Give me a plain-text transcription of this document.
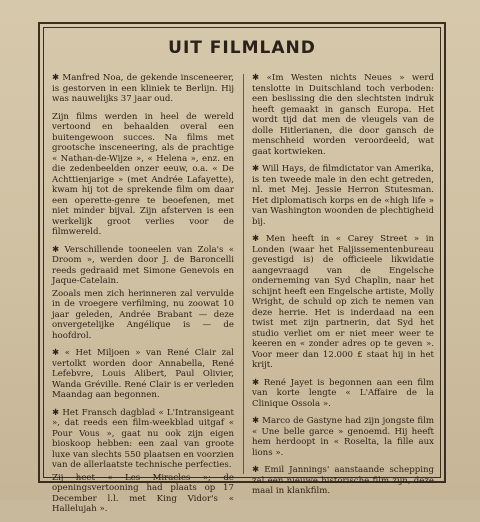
UIT FILMLAND

✱ Manfred Noa, de gekende insceneerer, is gestorven in een kliniek te Berlijn. Hij was nauwelijks 37 jaar oud.

Zijn films werden in heel de wereld vertoond en behaalden overal een buitengewoon succes. Na films met grootsche insceneering, als de prachtige « Nathan-de-Wijze », « Helena », enz. en die zedenbeelden onzer eeuw, o.a. « De Achttienjarige » (met Andrée Lafayette), kwam hij tot de sprekende film om daar een operette-genre te beoefenen, met niet minder bijval. Zijn afsterven is een werkelijk groot verlies voor de filmwereld.

✱ Verschillende tooneelen van Zola's « Droom », werden door J. de Baroncelli reeds gedraaid met Simone Genevois en Jaque-Catelain.

Zooals men zich herinneren zal vervulde in de vroegere verfilming, nu zoowat 10 jaar geleden, Andrée Brabant — deze onvergetelijke Angélique is — de hoofdrol.

✱ « Het Miljoen » van René Clair zal vertolkt worden door Annabella, René Lefebvre, Louis Alibert, Paul Olivier, Wanda Gréville. René Clair is er verleden Maandag aan begonnen.

✱ Het Fransch dagblad « L'Intransigeant », dat reeds een film-weekblad uitgaf « Pour Vous », gaat nu ook zijn eigen bioskoop hebben: een zaal van groote luxe van slechts 550 plaatsen en voorzien van de allerlaatste technische perfecties.

Zij heet « Les Miracles »; de openingsvertooning had plaats op 17 December l.l. met King Vidor's « Hallelujah ».

✱ «Im Westen nichts Neues » werd tenslotte in Duitschland toch verboden: een beslissing die den slechtsten indruk heeft gemaakt in gansch Europa. Het wordt tijd dat men de vleugels van de dolle Hitlerianen, die door gansch de menschheid worden veroordeeld, wat gaat kortwieken.

✱ Will Hays, de filmdictator van Amerika, is ten tweede male in den echt getreden, nl. met Mej. Jessie Herron Stutesman. Het diplomatisch korps en de «high life » van Washington woonden de plechtigheid bij.

✱ Men heeft in « Carey Street » in Londen (waar het Faljissementenbureau gevestigd is) de officieele likwidatie aangevraagd van de Engelsche onderneming van Syd Chaplin, naar het schijnt heeft een Engelsche artiste, Molly Wright, de schuld op zich te nemen van deze herrie. Het is inderdaad na een twist met zijn partnerin, dat Syd het studio verliet om er niet meer weer te keeren en « zonder adres op te geven ». Voor meer dan 12.000 £ staat hij in het krijt.

✱ René Jayet is begonnen aan een film van korte lengte « L'Affaire de la Clinique Ossola ».

✱ Marco de Gastyne had zijn jongste film « Une belle garce » genoemd. Hij heeft hem herdoopt in « Roselta, la fille aux lions ».

✱ Emil Jannings' aanstaande schepping zal een nieuwe historische film zijn, deze maal in klankfilm.
